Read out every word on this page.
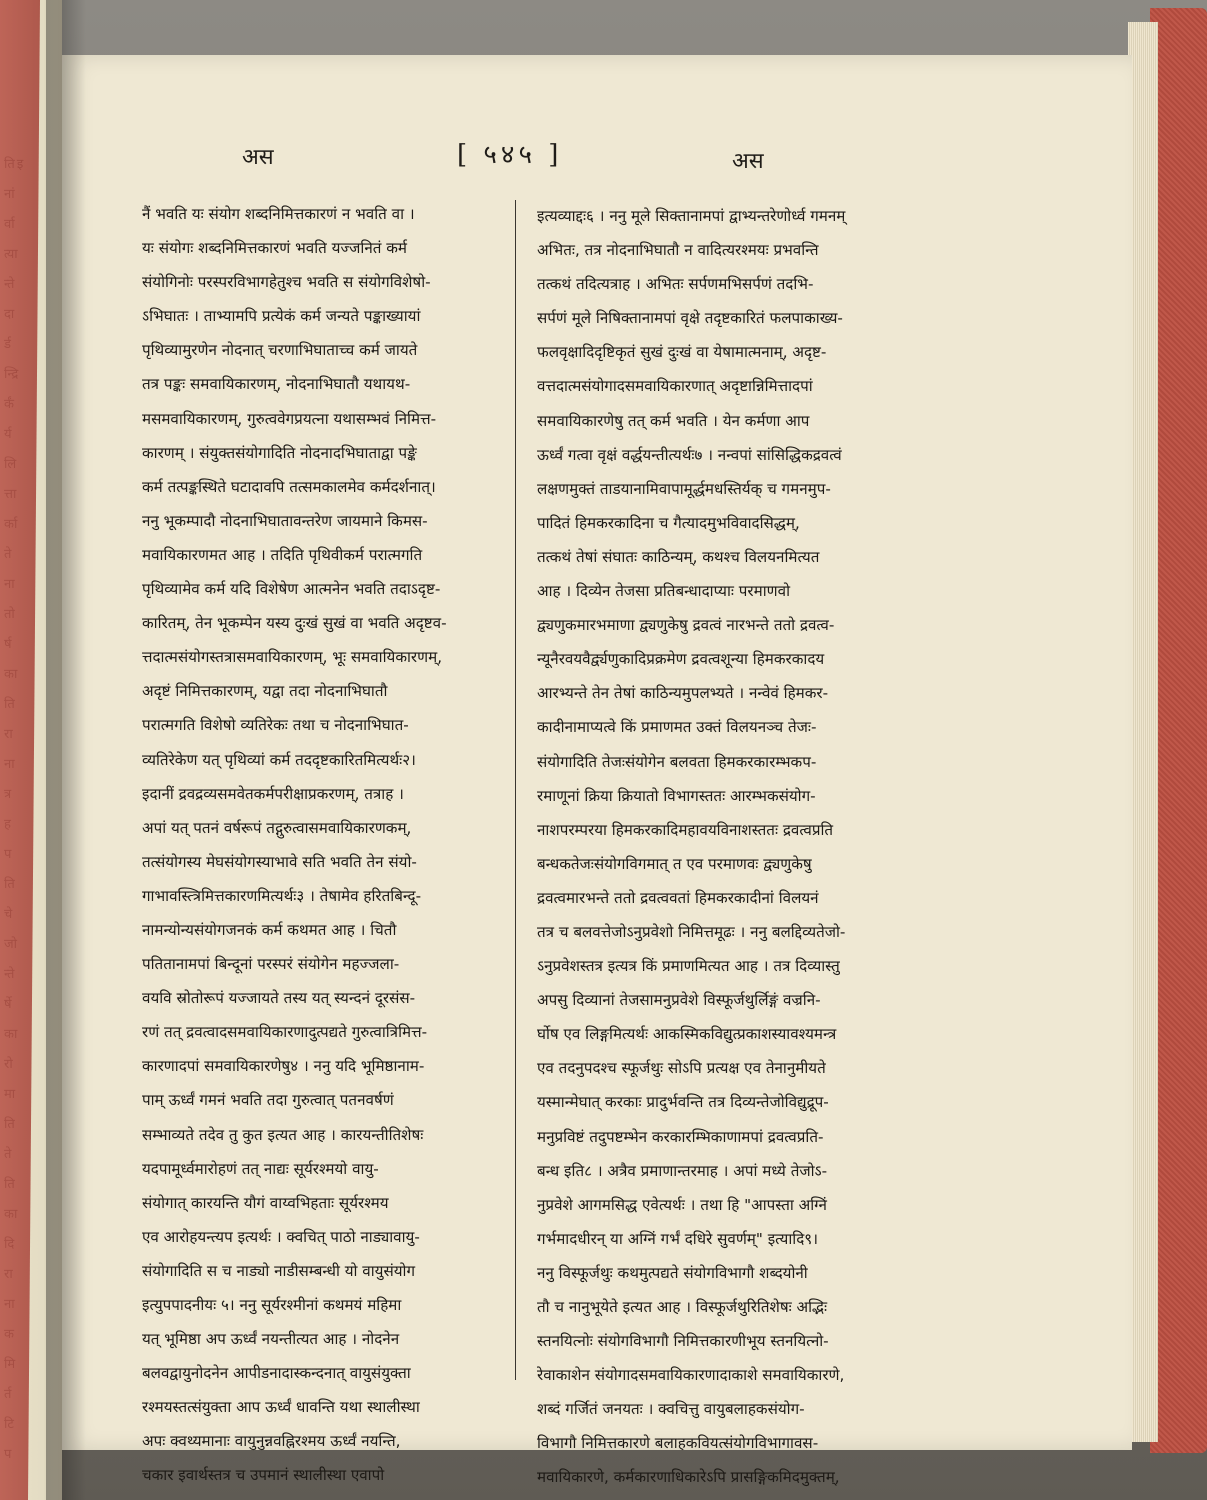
अस	[ ५४५ ]	अस
नैं भवति यः संयोग शब्दनिमित्तकारणं न भवति वा ।
यः संयोगः शब्दनिमित्तकारणं भवति यज्जनितं कर्म
संयोगिनोः परस्परविभागहेतुश्च भवति स संयोगविशेषो-
ऽभिघातः । ताभ्यामपि प्रत्येकं कर्म जन्यते पङ्काख्यायां
पृथिव्यामुरणेन नोदनात् चरणाभिघाताच्च कर्म जायते
तत्र पङ्कः समवायिकारणम्, नोदनाभिघातौ यथायथ-
मसमवायिकारणम्, गुरुत्ववेगप्रयत्ना यथासम्भवं निमित्त-
कारणम् । संयुक्तसंयोगादिति नोदनादभिघाताद्वा पङ्के
कर्म तत्पङ्कस्थिते घटादावपि तत्समकालमेव कर्मदर्शनात्।
ननु भूकम्पादौ नोदनाभिघातावन्तरेण जायमाने किमस-
मवायिकारणमत आह । तदिति पृथिवीकर्म परात्मगति
पृथिव्यामेव कर्म यदि विशेषेण आत्मनेन भवति तदाऽदृष्ट-
कारितम्, तेन भूकम्पेन यस्य दुःखं सुखं वा भवति अदृष्टव-
त्तदात्मसंयोगस्तत्रासमवायिकारणम्, भूः समवायिकारणम्,
अदृष्टं निमित्तकारणम्, यद्वा तदा नोदनाभिघातौ
परात्मगति विशेषो व्यतिरेकः तथा च नोदनाभिघात-
व्यतिरेकेण यत् पृथिव्यां कर्म तददृष्टकारितमित्यर्थः२।
इदानीं द्रवद्रव्यसमवेतकर्मपरीक्षाप्रकरणम्, तत्राह ।
अपां यत् पतनं वर्षरूपं तद्गुरुत्वासमवायिकारणकम्,
तत्संयोगस्य मेघसंयोगस्याभावे सति भवति तेन संयो-
गाभावस्त्त्रिमित्तकारणमित्यर्थः३ । तेषामेव हरितबिन्दू-
नामन्योन्यसंयोगजनकं कर्म कथमत आह । चितौ
पतितानामपां बिन्दूनां परस्परं संयोगेन महज्जला-
वयवि स्रोतोरूपं यज्जायते तस्य यत् स्यन्दनं दूरसंस-
रणं तत् द्रवत्वादसमवायिकारणादुत्पद्यते गुरुत्वात्रिमित्त-
कारणादपां समवायिकारणेषु४ । ननु यदि भूमिष्ठानाम-
पाम् ऊर्ध्वं गमनं भवति तदा गुरुत्वात् पतनवर्षणं
सम्भाव्यते तदेव तु कुत इत्यत आह । कारयन्तीतिशेषः
यदपामूर्ध्वमारोहणं तत् नाद्यः सूर्यरश्मयो वायु-
संयोगात् कारयन्ति यौगं वाय्वभिहताः सूर्यरश्मय
एव आरोहयन्त्यप इत्यर्थः । क्वचित् पाठो नाड्यावायु-
संयोगादिति स च नाड्यो नाडीसम्बन्धी यो वायुसंयोग
इत्युपपादनीयः ५। ननु सूर्यरश्मीनां कथमयं महिमा
यत् भूमिष्ठा अप ऊर्ध्वं नयन्तीत्यत आह । नोदनेन
बलवद्वायुनोदनेन आपीडनादास्कन्दनात् वायुसंयुक्ता
रश्मयस्तत्संयुक्ता आप ऊर्ध्वं धावन्ति यथा स्थालीस्था
अपः क्वथ्यमानाः वायुनुन्नवह्निरश्मय ऊर्ध्वं नयन्ति,
चकार इवार्थस्तत्र च उपमानं स्थालीस्था एवापो
इत्यव्याद्दः६ । ननु मूले सिक्तानामपां द्वाभ्यन्तरेणोर्ध्व गमनम्
अभितः, तत्र नोदनाभिघातौ न वादित्यरश्मयः प्रभवन्ति
तत्कथं तदित्यत्राह । अभितः सर्पणमभिसर्पणं तदभि-
सर्पणं मूले निषिक्तानामपां वृक्षे तदृष्टकारितं फलपाकाख्य-
फलवृक्षादिदृष्टिकृतं सुखं दुःखं वा येषामात्मनाम्, अदृष्ट-
वत्तदात्मसंयोगादसमवायिकारणात् अदृष्टान्निमित्तादपां
समवायिकारणेषु तत् कर्म भवति । येन कर्मणा आप
ऊर्ध्वं गत्वा वृक्षं वर्द्धयन्तीत्यर्थः७ । नन्वपां सांसिद्धिकद्रवत्वं
लक्षणमुक्तं ताडयानामिवापामूर्द्धमधस्तिर्यक् च गमनमुप-
पादितं हिमकरकादिना च गैत्यादमुभविवादसिद्धम्,
तत्कथं तेषां संघातः काठिन्यम्, कथश्च विलयनमित्यत
आह । दिव्येन तेजसा प्रतिबन्धादाप्याः परमाणवो
द्व्यणुकमारभमाणा द्व्यणुकेषु द्रवत्वं नारभन्ते ततो द्रवत्व-
न्यूनैरवयवैर्द्व्यणुकादिप्रक्रमेण द्रवत्वशून्या हिमकरकादय
आरभ्यन्ते तेन तेषां काठिन्यमुपलभ्यते । नन्वेवं हिमकर-
कादीनामाप्यत्वे किं प्रमाणमत उक्तं विलयनञ्च तेजः-
संयोगादिति तेजःसंयोगेन बलवता हिमकरकारम्भकप-
रमाणूनां क्रिया क्रियातो विभागस्ततः आरम्भकसंयोग-
नाशपरम्परया हिमकरकादिमहावयविनाशस्ततः द्रवत्वप्रति
बन्धकतेजःसंयोगविगमात् त एव परमाणवः द्व्यणुकेषु
द्रवत्वमारभन्ते ततो द्रवत्ववतां हिमकरकादीनां विलयनं
तत्र च बलवत्तेजोऽनुप्रवेशो निमित्तमूढः । ननु बलद्दिव्यतेजो-
ऽनुप्रवेशस्तत्र इत्यत्र किं प्रमाणमित्यत आह । तत्र दिव्यास्तु
अपसु दिव्यानां तेजसामनुप्रवेशे विस्फूर्जथुर्लिङ्गं वज्रनि-
र्घोष एव लिङ्गमित्यर्थः आकस्मिकविद्युत्प्रकाशस्यावश्यमन्त्र
एव तदनुपदश्च स्फूर्जथुः सोऽपि प्रत्यक्ष एव तेनानुमीयते
यस्मान्मेघात् करकाः प्रादुर्भवन्ति तत्र दिव्यन्तेजोविद्युद्रूप-
मनुप्रविष्टं तदुपष्टम्भेन करकारम्भिकाणामपां द्रवत्वप्रति-
बन्ध इति८ । अत्रैव प्रमाणान्तरमाह । अपां मध्ये तेजोऽ-
नुप्रवेशे आगमसिद्ध एवेत्यर्थः । तथा हि "आपस्ता अग्निं
गर्भमादधीरन् या अग्निं गर्भं दधिरे सुवर्णम्" इत्यादि९।
ननु विस्फूर्जथुः कथमुत्पद्यते संयोगविभागौ शब्दयोनी
तौ च नानुभूयेते इत्यत आह । विस्फूर्जथुरितिशेषः अद्भिः
स्तनयित्नोः संयोगविभागौ निमित्तकारणीभूय स्तनयित्नो-
रेवाकाशेन संयोगादसमवायिकारणादाकाशे समवायिकारणे,
शब्दं गर्जितं जनयतः । क्वचित्तु वायुबलाहकसंयोग-
विभागौ निमित्तकारणे बलाहकवियत्संयोगविभागावस-
मवायिकारणे, कर्मकारणाधिकारेऽपि प्रासङ्गिकमिदमुक्तम्,
